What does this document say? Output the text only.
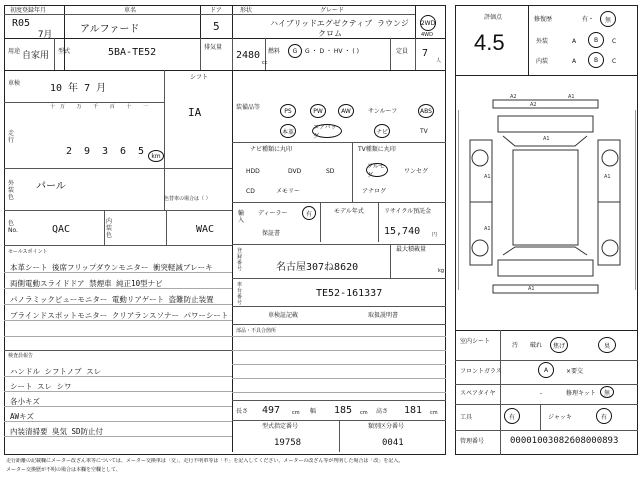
初度登録年月
R05
7月
車名
アルファード
ドア
5
形状	グレード
ハイブリッドエグゼクティブ ラウンジ
クロム
2WD
4WD
用途 自家用 型式	5BA-TE52	排気量
2480
cc
燃料	G	G ・ D ・ HV ・ ( )	定員 7
人
車検	10 年 7 月
シフト
IA
走
行
十万 万 千 百 十 一
2 9 3 6 5 km
外装色
パール
色替車の場合は（ ）
色
No.	QAC
内装色
WAC
セールスポイント
本革シート 後席フリップダウンモニター 衝突軽減ブレーキ
両側電動スライドドア 禁煙車 純正10型ナビ
パノラミックビューモニター 電動リアゲート 盗難防止装置
ブラインドスポットモニター クリアランスソナー パワーシート
検査員報告
ハンドル シフトノブ スレ
シート スレ シワ
各小キズ
AWキズ
内装清掃要 臭気 SD防止付
装備品等	PS	PW	AW	サンルーフ	ABS
本革
エアバッグ
ナビ	TV
ナビ種類に丸印
HDD	DVD	SD
CD	メモリー
TV種類に丸印
フルセグ
ワンセグ
アナログ
輸入
ディーラー	有
保証書
モデル年式	リサイクル預託金
15,740 円
登録番号	名古屋307ね8620
最大積載量
kg
車台番号
TE52-161337
車検証記載	取扱説明書
部品・不具合箇所
長さ 497 cm 幅 185 cm 高さ 181 cm
型式指定番号
19758
類別区分番号
0041
評価点
4.5
修復歴	有・	無
外装	A	B C
内装	A	B C
A2
A2	A1
A1
A1	A1
A1
A1
室内シート
汚 破れ 焦げ	臭
フロントガラス	A	×要交
スペアタイヤ	-	修理キット	無
工具	有	ジャッキ	有
管理番号	00001003082608000893
走行距離の記載欄にメーター改ざん車等については、メーター交換車は「交」、走行不明車等は「不」を記入してください。メーターの改ざん等が判明した場合は「改」を記入。
メーター交換歴が不明の場合は本欄を空欄として、
